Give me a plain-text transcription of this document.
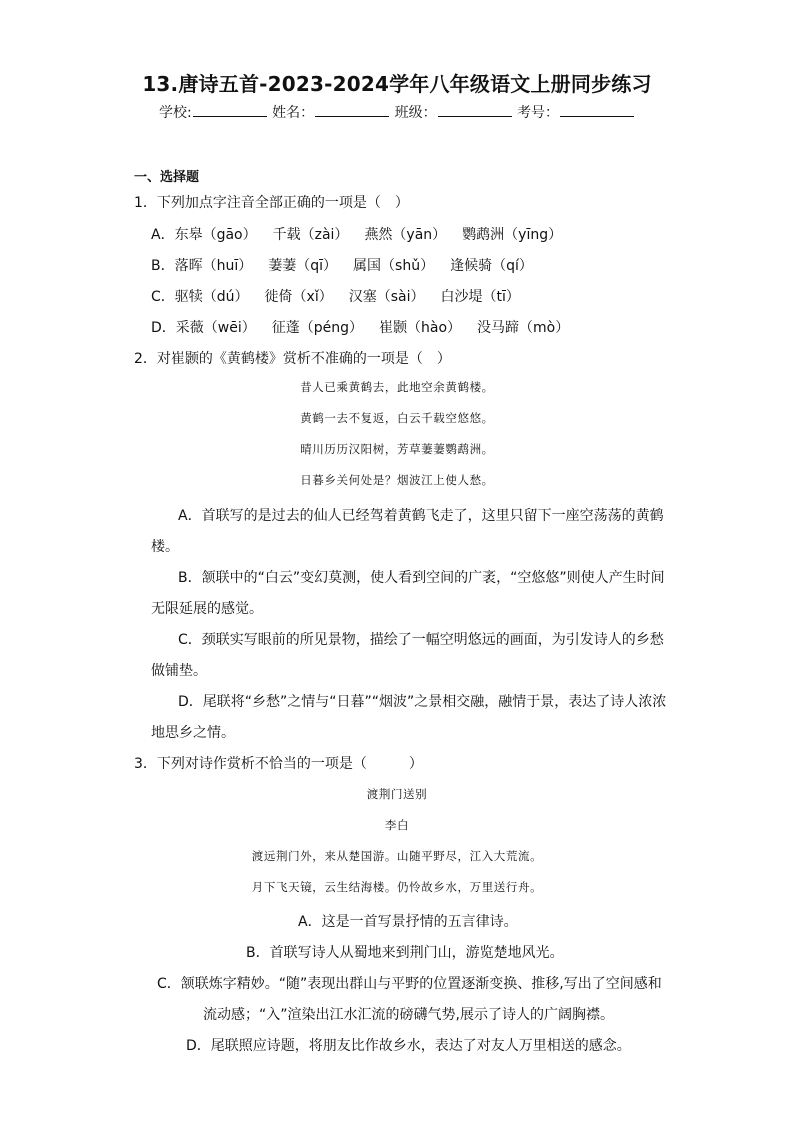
13.唐诗五首-2023-2024学年八年级语文上册同步练习
学校:	姓名：	班级：	考号：
一、选择题
1．下列加点字注音全部正确的一项是（　）
A．东皋（gāo） 千载（zài） 燕然（yān） 鹦鹉洲（yīng）
B．落晖（huī） 萋萋（qī） 属国（shǔ） 逢候骑（qí）
C．驱犊（dú） 徙倚（xǐ） 汉塞（sài） 白沙堤（tī）
D．采薇（wēi） 征蓬（péng） 崔颢（hào） 没马蹄（mò）
2．对崔颢的《黄鹤楼》赏析不准确的一项是（　）
昔人已乘黄鹤去，此地空余黄鹤楼。
黄鹤一去不复返，白云千载空悠悠。
晴川历历汉阳树，芳草萋萋鹦鹉洲。
日暮乡关何处是？烟波江上使人愁。
A．首联写的是过去的仙人已经驾着黄鹤飞走了，这里只留下一座空荡荡的黄鹤
楼。
B．颔联中的“白云”变幻莫测，使人看到空间的广袤，“空悠悠”则使人产生时间
无限延展的感觉。
C．颈联实写眼前的所见景物，描绘了一幅空明悠远的画面，为引发诗人的乡愁
做铺垫。
D．尾联将“乡愁”之情与“日暮”“烟波”之景相交融，融情于景，表达了诗人浓浓
地思乡之情。
3．下列对诗作赏析不恰当的一项是（　　　）
渡荆门送别
李白
渡远荆门外，来从楚国游。山随平野尽，江入大荒流。
月下飞天镜，云生结海楼。仍怜故乡水，万里送行舟。
A．这是一首写景抒情的五言律诗。
B．首联写诗人从蜀地来到荆门山，游览楚地风光。
C．颔联炼字精妙。“随”表现出群山与平野的位置逐渐变换、推移,写出了空间感和
流动感；“入”渲染出江水汇流的磅礴气势,展示了诗人的广阔胸襟。
D．尾联照应诗题，将朋友比作故乡水，表达了对友人万里相送的感念。
